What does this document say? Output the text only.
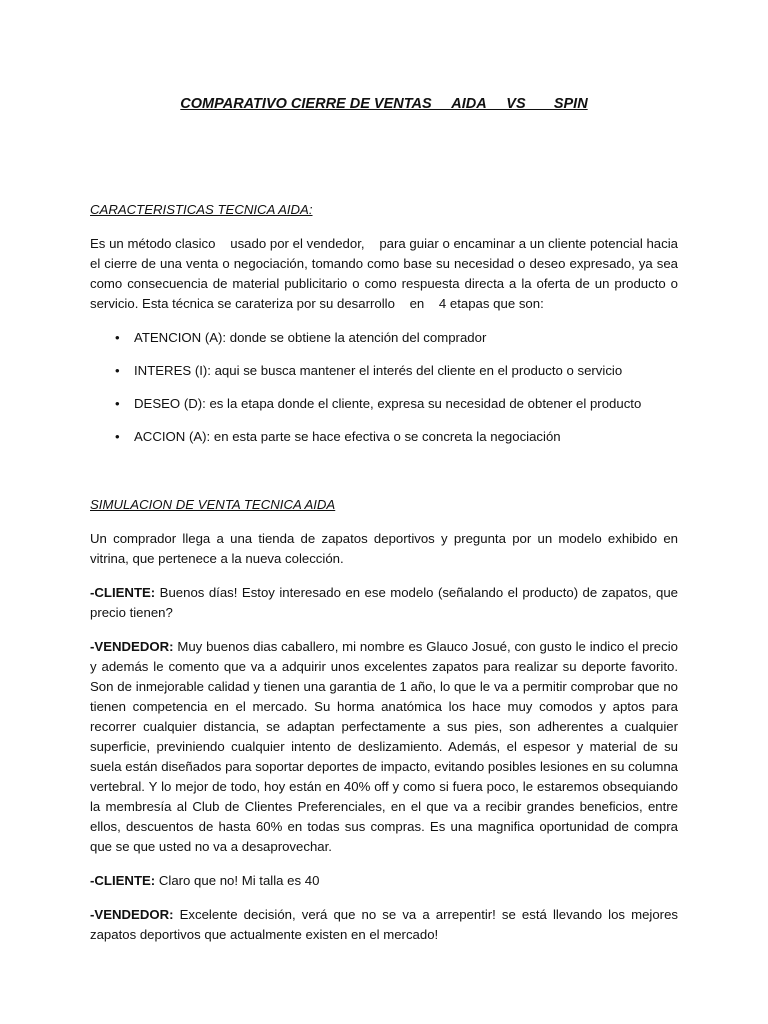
COMPARATIVO CIERRE DE VENTAS     AIDA     VS       SPIN

CARACTERISTICAS TECNICA AIDA:

Es un método clasico    usado por el vendedor,    para guiar o encaminar a un cliente potencial hacia el cierre de una venta o negociación, tomando como base su necesidad o deseo expresado, ya sea como consecuencia de material publicitario o como respuesta directa a la oferta de un producto o servicio. Esta técnica se carateriza por su desarrollo    en    4 etapas que son:

• ATENCION (A): donde se obtiene la atención del comprador
• INTERES (I): aqui se busca mantener el interés del cliente en el producto o servicio
• DESEO (D): es la etapa donde el cliente, expresa su necesidad de obtener el producto
• ACCION (A): en esta parte se hace efectiva o se concreta la negociación

SIMULACION DE VENTA TECNICA AIDA

Un comprador llega a una tienda de zapatos deportivos y pregunta por un modelo exhibido en vitrina, que pertenece a la nueva colección.

-CLIENTE: Buenos días! Estoy interesado en ese modelo (señalando el producto) de zapatos, que precio tienen?

-VENDEDOR: Muy buenos dias caballero, mi nombre es Glauco Josué, con gusto le indico el precio y además le comento que va a adquirir unos excelentes zapatos para realizar su deporte favorito. Son de inmejorable calidad y tienen una garantia de 1 año, lo que le va a permitir comprobar que no tienen competencia en el mercado. Su horma anatómica los hace muy comodos y aptos para recorrer cualquier distancia, se adaptan perfectamente a sus pies, son adherentes a cualquier superficie, previniendo cualquier intento de deslizamiento. Además, el espesor y material de su suela están diseñados para soportar deportes de impacto, evitando posibles lesiones en su columna vertebral. Y lo mejor de todo, hoy están en 40% off y como si fuera poco, le estaremos obsequiando la membresía al Club de Clientes Preferenciales, en el que va a recibir grandes beneficios, entre ellos, descuentos de hasta 60% en todas sus compras. Es una magnifica oportunidad de compra que se que usted no va a desaprovechar.

-CLIENTE: Claro que no! Mi talla es 40

-VENDEDOR: Excelente decisión, verá que no se va a arrepentir! se está llevando los mejores zapatos deportivos que actualmente existen en el mercado!
